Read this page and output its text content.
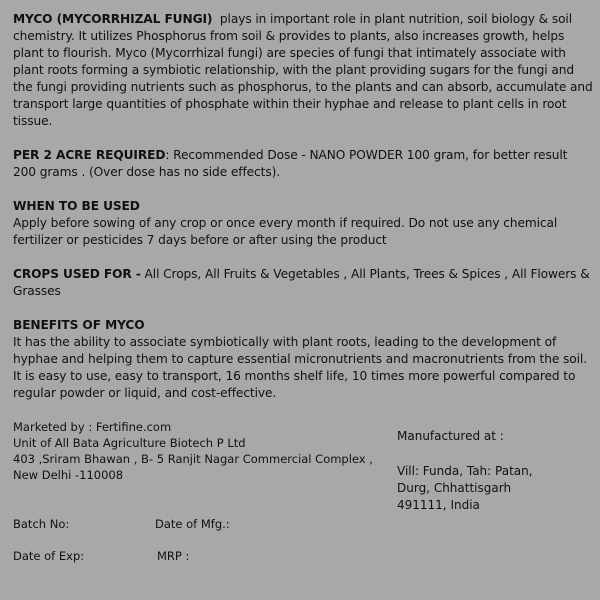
MYCO (MYCORRHIZAL FUNGI)  plays in important role in plant nutrition, soil biology & soil chemistry. It utilizes Phosphorus from soil & provides to plants, also increases growth, helps plant to flourish. Myco (Mycorrhizal fungi) are species of fungi that intimately associate with plant roots forming a symbiotic relationship, with the plant providing sugars for the fungi and the fungi providing nutrients such as phosphorus, to the plants and can absorb, accumulate and transport large quantities of phosphate within their hyphae and release to plant cells in root tissue.
PER 2 ACRE REQUIRED: Recommended Dose - NANO POWDER 100 gram, for better result 200 grams . (Over dose has no side effects).
WHEN TO BE USED
Apply before sowing of any crop or once every month if required. Do not use any chemical fertilizer or pesticides 7 days before or after using the product
CROPS USED FOR - All Crops, All Fruits & Vegetables , All Plants, Trees & Spices , All Flowers & Grasses
BENEFITS OF MYCO
It has the ability to associate symbiotically with plant roots, leading to the development of hyphae and helping them to capture essential micronutrients and macronutrients from the soil. It is easy to use, easy to transport, 16 months shelf life, 10 times more powerful compared to regular powder or liquid, and cost-effective.
Marketed by : Fertifine.com
Unit of All Bata Agriculture Biotech P Ltd
403 ,Sriram Bhawan , B- 5 Ranjit Nagar Commercial Complex ,
New Delhi -110008
Manufactured at :
Vill: Funda, Tah: Patan,
Durg, Chhattisgarh
491111, India
Batch No:	Date of Mfg.:
Date of Exp:	MRP :
